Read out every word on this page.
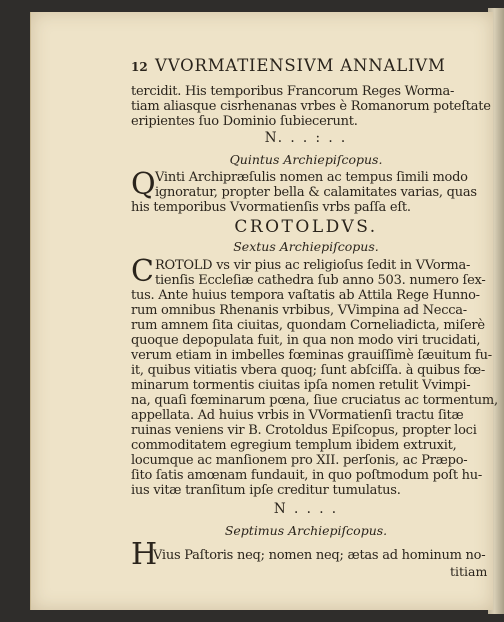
12 VVORMATIENSIVM ANNALIVM
tercidit. His temporibus Francorum Reges Worma-
tiam aliasque cisrhenanas vrbes è Romanorum poteſtate
eripientes ſuo Dominio ſubiecerunt.
N. . . : . .
Quintus Archiepiſcopus.
Q Vinti Archipræſulis nomen ac tempus ſimili modo
ignoratur, propter bella & calamitates varias, quas
his temporibus Vvormatienſis vrbs paſſa eſt.
CROTOLDVS.
Sextus Archiepiſcopus.
C ROTOLD vs vir pius ac religioſus ſedit in VVorma-
tienſis Eccleſiæ cathedra ſub anno 503. numero ſex-
tus. Ante huius tempora vaſtatis ab Attila Rege Hunno-
rum omnibus Rhenanis vrbibus, VVimpina ad Necca-
rum amnem ſita ciuitas, quondam Corneliadicta, miſerè
quoque depopulata fuit, in qua non modo viri trucidati,
verum etiam in imbelles fœminas grauiſſimè ſæuitum fu-
it, quibus vitiatis vbera quoq; ſunt abſciſſa. à quibus fœ-
minarum tormentis ciuitas ipſa nomen retulit Vvimpi-
na, quaſi fœminarum pœna, ſiue cruciatus ac tormentum,
appellata. Ad huius vrbis in VVormatienſi tractu ſitæ
ruinas veniens vir B. Crotoldus Epiſcopus, propter loci
commoditatem egregium templum ibidem extruxit,
locumque ac manſionem pro XII. perſonis, ac Præpo-
ſito ſatis amœnam fundauit, in quo poſtmodum poſt hu-
ius vitæ tranſitum ipſe creditur tumulatus.
N . . . .
Septimus Archiepiſcopus.
H
Vius Paſtoris neq; nomen neq; ætas ad hominum no-
titiam
